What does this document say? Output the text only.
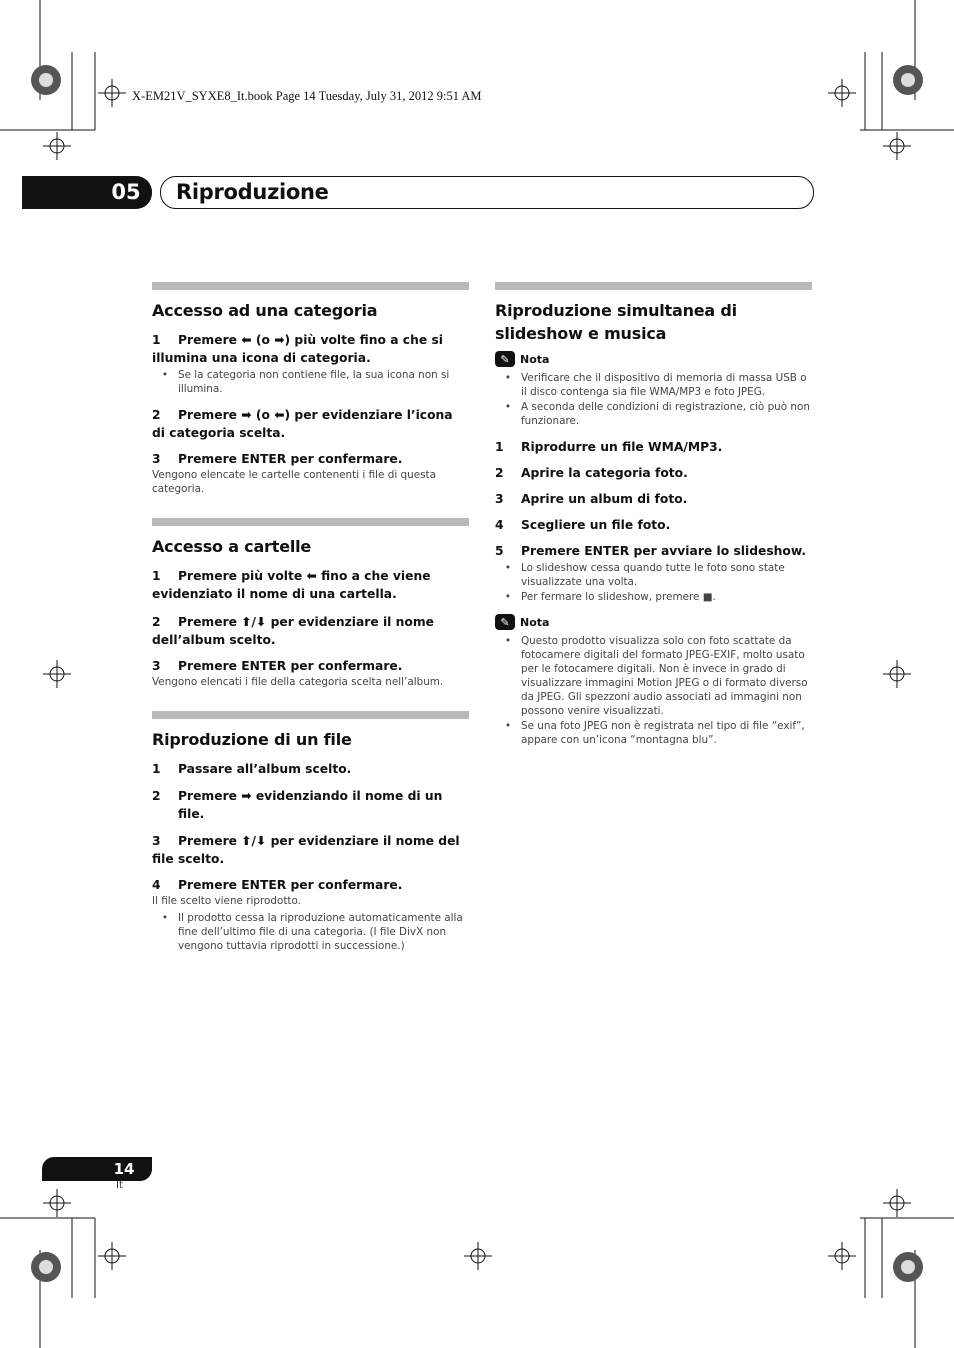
X-EM21V_SYXE8_It.book Page 14 Tuesday, July 31, 2012 9:51 AM
05	Riproduzione
Accesso ad una categoria
1 Premere ⬅ (o ➡) più volte fino a che si illumina una icona di categoria.
• Se la categoria non contiene file, la sua icona non si illumina.
2 Premere ➡ (o ⬅) per evidenziare l’icona di categoria scelta.
3	Premere ENTER per confermare.
Vengono elencate le cartelle contenenti i file di questa categoria.
Accesso a cartelle
1 Premere più volte ⬅ fino a che viene evidenziato il nome di una cartella.
2 Premere ⬆/⬇ per evidenziare il nome dell’album scelto.
3	Premere ENTER per confermare.
Vengono elencati i file della categoria scelta nell’album.
Riproduzione di un file
1	Passare all’album scelto.
2	Premere ➡ evidenziando il nome di un file.
3 Premere ⬆/⬇ per evidenziare il nome del file scelto.
4	Premere ENTER per confermare.
Il file scelto viene riprodotto.
• Il prodotto cessa la riproduzione automaticamente alla fine dell’ultimo file di una categoria. (I file DivX non vengono tuttavia riprodotti in successione.)
Riproduzione simultanea di slideshow e musica
✎ Nota
• Verificare che il dispositivo di memoria di massa USB o il disco contenga sia file WMA/MP3 e foto JPEG.
• A seconda delle condizioni di registrazione, ciò può non funzionare.
1	Riprodurre un file WMA/MP3.
2	Aprire la categoria foto.
3	Aprire un album di foto.
4	Scegliere un file foto.
5	Premere ENTER per avviare lo slideshow.
• Lo slideshow cessa quando tutte le foto sono state visualizzate una volta.
• Per fermare lo slideshow, premere ■.
✎ Nota
• Questo prodotto visualizza solo con foto scattate da fotocamere digitali del formato JPEG-EXIF, molto usato per le fotocamere digitali. Non è invece in grado di visualizzare immagini Motion JPEG o di formato diverso da JPEG. Gli spezzoni audio associati ad immagini non possono venire visualizzati.
• Se una foto JPEG non è registrata nel tipo di file “exif”, appare con un’icona “montagna blu”.
14
It
